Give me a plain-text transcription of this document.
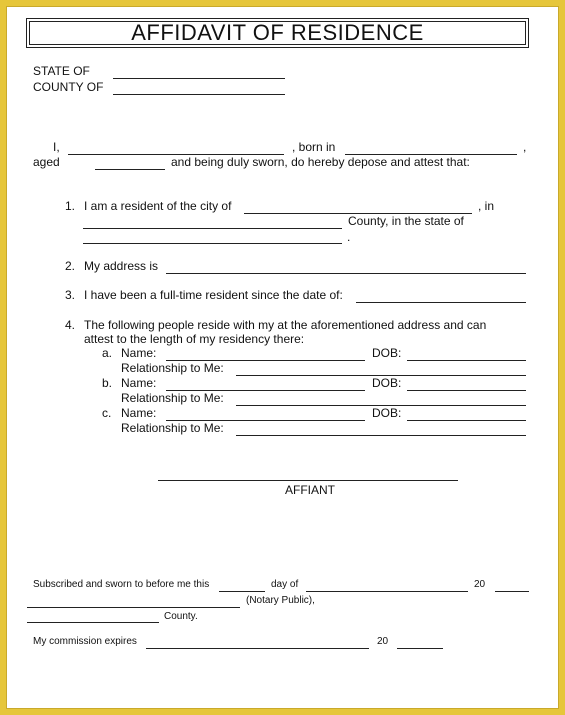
AFFIDAVIT OF RESIDENCE
STATE OF
COUNTY OF
I,	, born in	,
aged	and being duly sworn, do hereby depose and attest that:
1. I am a resident of the city of	, in
County, in the state of
.
2. My address is
3. I have been a full-time resident since the date of:
4. The following people reside with my at the aforementioned address and can
attest to the length of my residency there:
a. Name:	DOB:
Relationship to Me:
b. Name:	DOB:
Relationship to Me:
c. Name:	DOB:
Relationship to Me:
AFFIANT
Subscribed and sworn to before me this	day of	20
(Notary Public),
County.
My commission expires	20
